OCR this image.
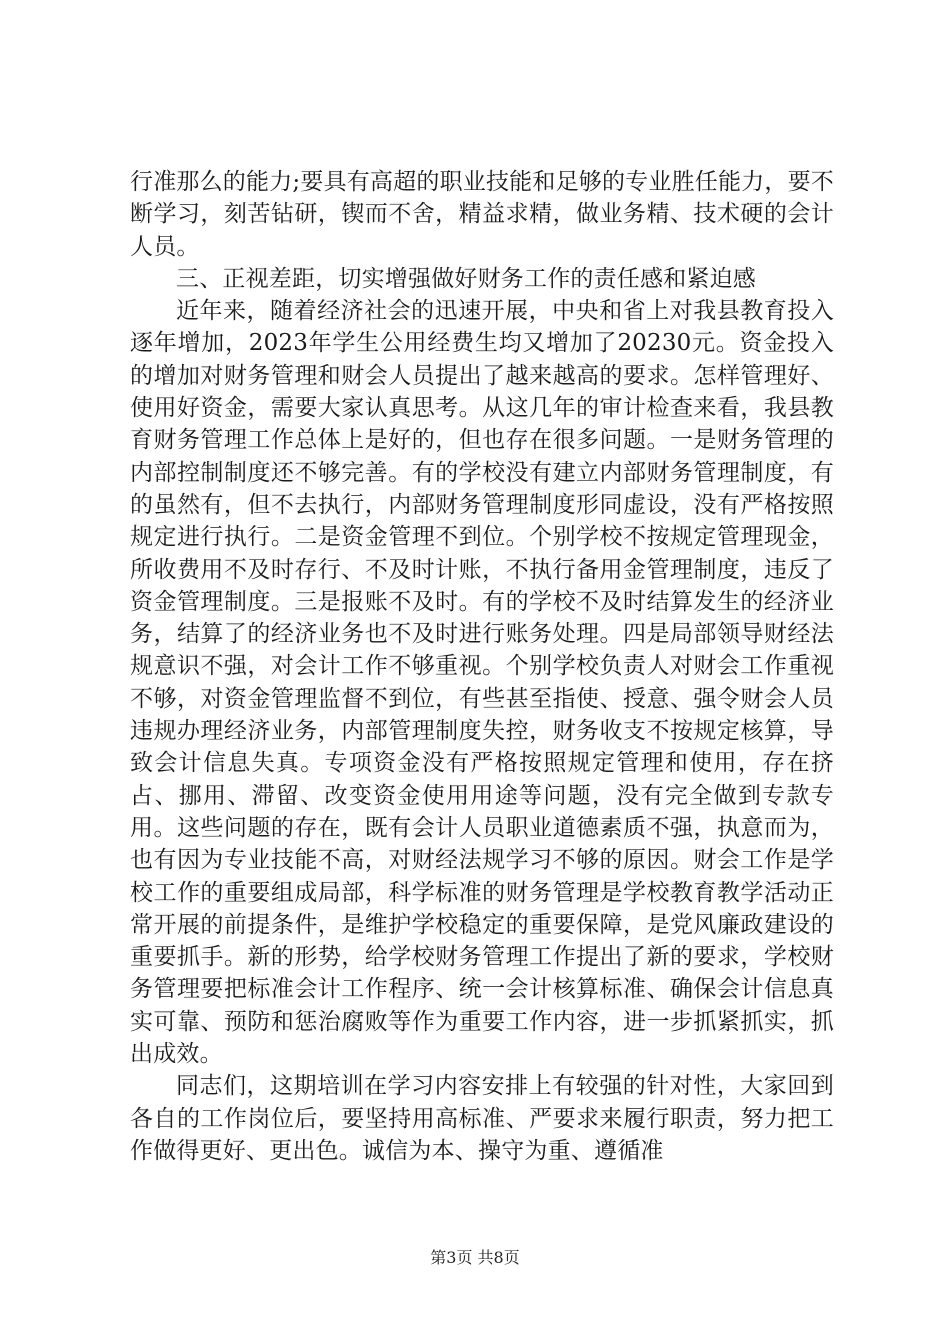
行准那么的能力;要具有高超的职业技能和足够的专业胜任能力，要不断学习，刻苦钻研，锲而不舍，精益求精，做业务精、技术硬的会计人员。

三、正视差距，切实增强做好财务工作的责任感和紧迫感

近年来，随着经济社会的迅速开展，中央和省上对我县教育投入逐年增加，2023年学生公用经费生均又增加了20230元。资金投入的增加对财务管理和财会人员提出了越来越高的要求。怎样管理好、使用好资金，需要大家认真思考。从这几年的审计检查来看，我县教育财务管理工作总体上是好的，但也存在很多问题。一是财务管理的内部控制制度还不够完善。有的学校没有建立内部财务管理制度，有的虽然有，但不去执行，内部财务管理制度形同虚设，没有严格按照规定进行执行。二是资金管理不到位。个别学校不按规定管理现金，所收费用不及时存行、不及时计账，不执行备用金管理制度，违反了资金管理制度。三是报账不及时。有的学校不及时结算发生的经济业务，结算了的经济业务也不及时进行账务处理。四是局部领导财经法规意识不强，对会计工作不够重视。个别学校负责人对财会工作重视不够，对资金管理监督不到位，有些甚至指使、授意、强令财会人员违规办理经济业务，内部管理制度失控，财务收支不按规定核算，导致会计信息失真。专项资金没有严格按照规定管理和使用，存在挤占、挪用、滞留、改变资金使用用途等问题，没有完全做到专款专用。这些问题的存在，既有会计人员职业道德素质不强，执意而为，也有因为专业技能不高，对财经法规学习不够的原因。财会工作是学校工作的重要组成局部，科学标准的财务管理是学校教育教学活动正常开展的前提条件，是维护学校稳定的重要保障，是党风廉政建设的重要抓手。新的形势，给学校财务管理工作提出了新的要求，学校财务管理要把标准会计工作程序、统一会计核算标准、确保会计信息真实可靠、预防和惩治腐败等作为重要工作内容，进一步抓紧抓实，抓出成效。

同志们，这期培训在学习内容安排上有较强的针对性，大家回到各自的工作岗位后，要坚持用高标准、严要求来履行职责，努力把工作做得更好、更出色。诚信为本、操守为重、遵循准

第3页 共8页
